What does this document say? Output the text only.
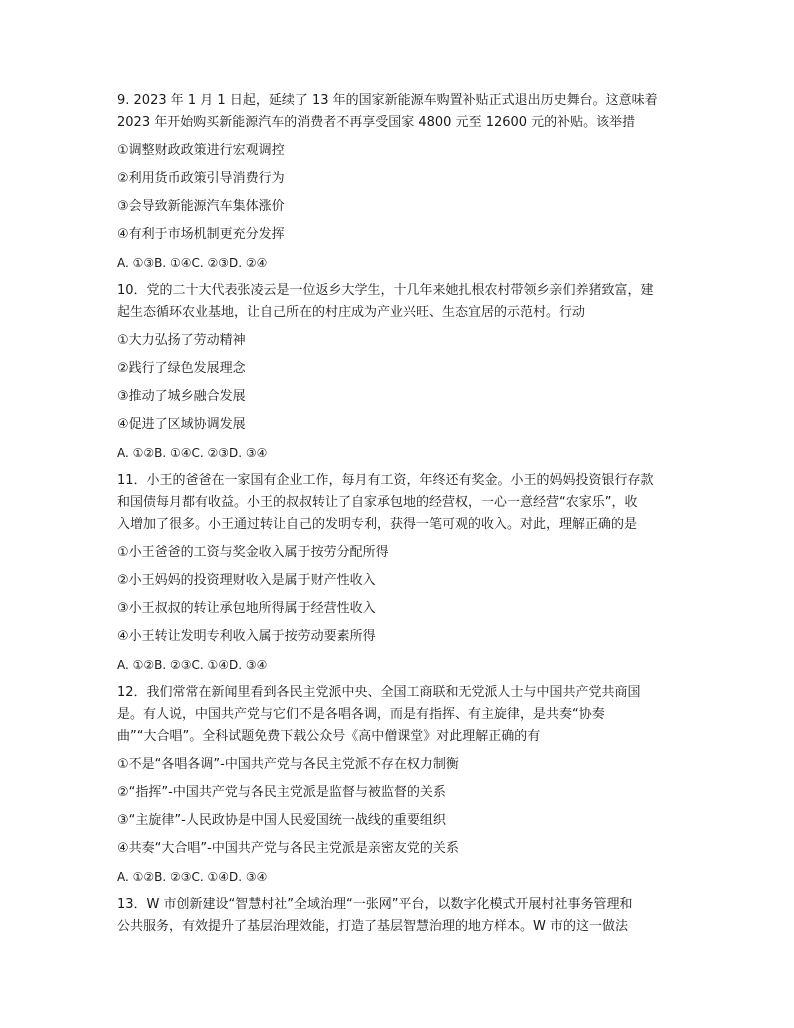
9. 2023 年 1 月 1 日起，延续了 13 年的国家新能源车购置补贴正式退出历史舞台。这意味着
2023 年开始购买新能源汽车的消费者不再享受国家 4800 元至 12600 元的补贴。该举措
①调整财政政策进行宏观调控
②利用货币政策引导消费行为
③会导致新能源汽车集体涨价
④有利于市场机制更充分发挥
A. ①③B. ①④C. ②③D. ②④
10．党的二十大代表张凌云是一位返乡大学生，十几年来她扎根农村带领乡亲们养猪致富，建
起生态循环农业基地，让自己所在的村庄成为产业兴旺、生态宜居的示范村。行动
①大力弘扬了劳动精神
②践行了绿色发展理念
③推动了城乡融合发展
④促进了区域协调发展
A. ①②B. ①④C. ②③D. ③④
11．小王的爸爸在一家国有企业工作，每月有工资，年终还有奖金。小王的妈妈投资银行存款
和国债每月都有收益。小王的叔叔转让了自家承包地的经营权，一心一意经营“农家乐”，收
入增加了很多。小王通过转让自己的发明专利，获得一笔可观的收入。对此，理解正确的是
①小王爸爸的工资与奖金收入属于按劳分配所得
②小王妈妈的投资理财收入是属于财产性收入
③小王叔叔的转让承包地所得属于经营性收入
④小王转让发明专利收入属于按劳动要素所得
A. ①②B. ②③C. ①④D. ③④
12．我们常常在新闻里看到各民主党派中央、全国工商联和无党派人士与中国共产党共商国
是。有人说，中国共产党与它们不是各唱各调，而是有指挥、有主旋律，是共奏“协奏
曲”“大合唱”。全科试题免费下载公众号《高中僧课堂》对此理解正确的有
①不是“各唱各调”-中国共产党与各民主党派不存在权力制衡
②“指挥”-中国共产党与各民主党派是监督与被监督的关系
③“主旋律”-人民政协是中国人民爱国统一战线的重要组织
④共奏“大合唱”-中国共产党与各民主党派是亲密友党的关系
A. ①②B. ②③C. ①④D. ③④
13．W 市创新建设“智慧村社”全域治理“一张网”平台，以数字化模式开展村社事务管理和
公共服务，有效提升了基层治理效能，打造了基层智慧治理的地方样本。W 市的这一做法
